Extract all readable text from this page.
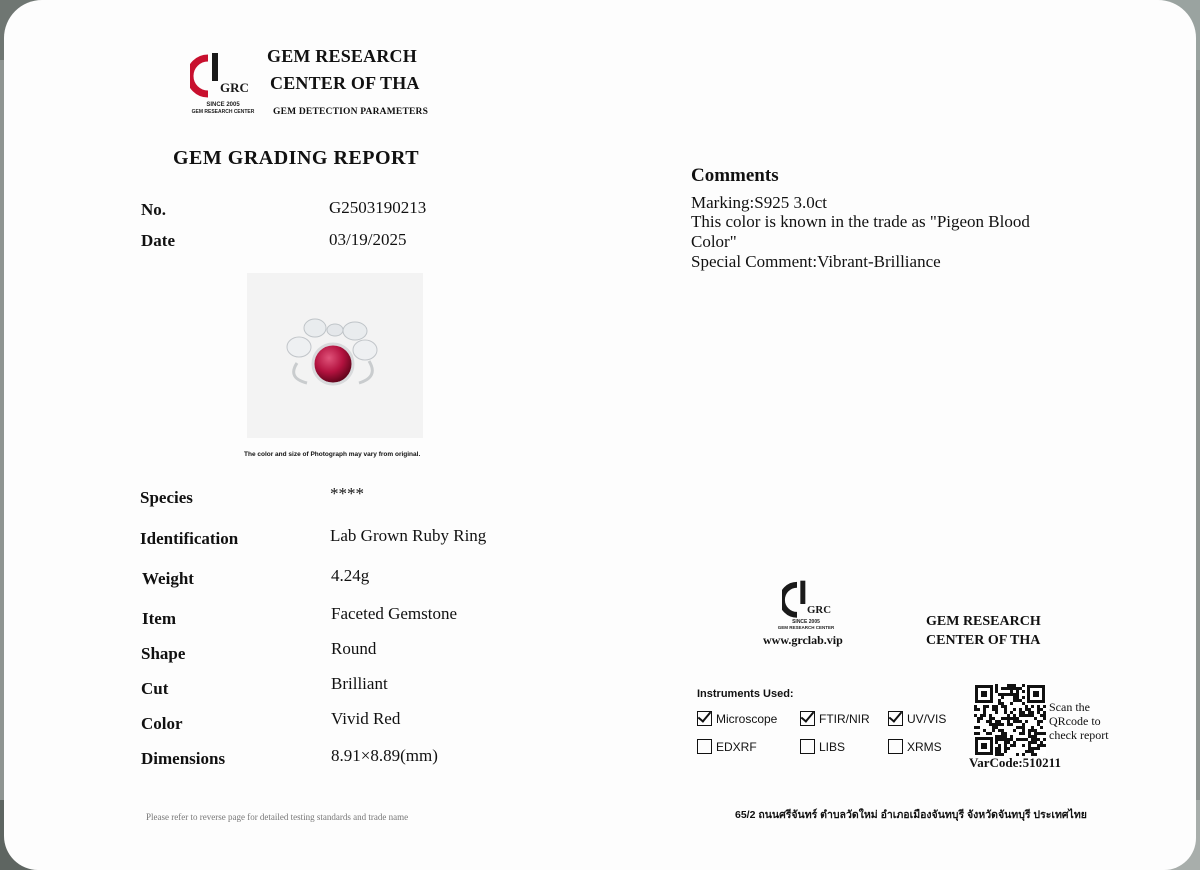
GRC
SINCE 2005
GEM RESEARCH CENTER
GEM RESEARCH
CENTER OF THA
GEM DETECTION PARAMETERS
GEM GRADING REPORT
No.	G2503190213
Date	03/19/2025
The color and size of Photograph may vary from original.
Species	****
Identification	Lab Grown Ruby Ring
Weight	4.24g
Item	Faceted Gemstone
Shape	Round
Cut	Brilliant
Color	Vivid Red
Dimensions	8.91×8.89(mm)
Please refer to reverse page for detailed testing standards and trade name
Comments
Marking:S925 3.0ct
This color is known in the trade as "Pigeon Blood
Color"
Special Comment:Vibrant-Brilliance
GRC
SINCE 2005
GEM RESEARCH CENTER
www.grclab.vip
GEM RESEARCH
CENTER OF THA
Instruments Used:
Microscope	FTIR/NIR	UV/VIS
EDXRF	LIBS	XRMS
Scan the
QRcode to
check report
VarCode:510211
65/2 ถนนศรีจันทร์ ตำบลวัดใหม่ อำเภอเมืองจันทบุรี จังหวัดจันทบุรี ประเทศไทย
